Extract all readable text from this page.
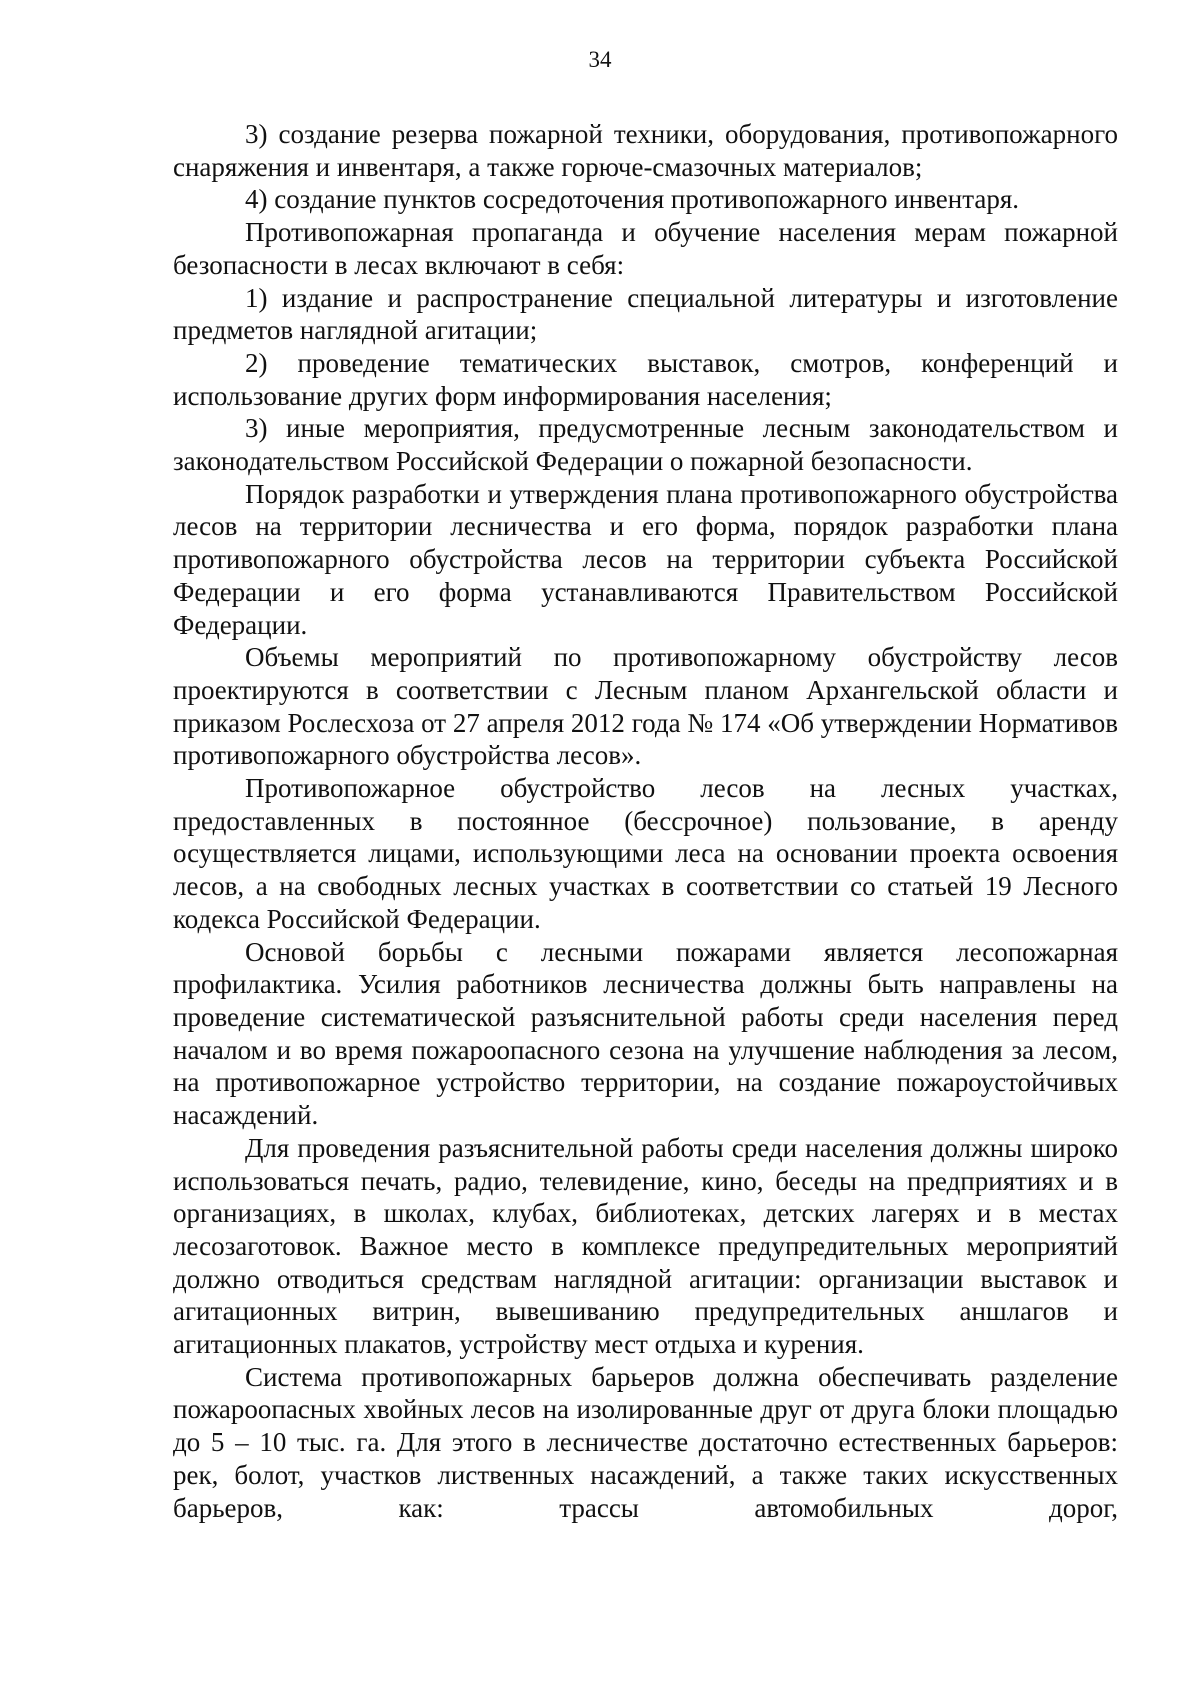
34

3) создание резерва пожарной техники, оборудования, противопожарного снаряжения и инвентаря, а также горюче-смазочных материалов;

4) создание пунктов сосредоточения противопожарного инвентаря.

Противопожарная пропаганда и обучение населения мерам пожарной безопасности в лесах включают в себя:

1) издание и распространение специальной литературы и изготовление предметов наглядной агитации;

2) проведение тематических выставок, смотров, конференций и использование других форм информирования населения;

3) иные мероприятия, предусмотренные лесным законодательством и законодательством Российской Федерации о пожарной безопасности.

Порядок разработки и утверждения плана противопожарного обустройства лесов на территории лесничества и его форма, порядок разработки плана противопожарного обустройства лесов на территории субъекта Российской Федерации и его форма устанавливаются Правительством Российской Федерации.

Объемы мероприятий по противопожарному обустройству лесов проектируются в соответствии с Лесным планом Архангельской области и приказом Рослесхоза от 27 апреля 2012 года № 174 «Об утверждении Нормативов противопожарного обустройства лесов».

Противопожарное обустройство лесов на лесных участках, предоставленных в постоянное (бессрочное) пользование, в аренду осуществляется лицами, использующими леса на основании проекта освоения лесов, а на свободных лесных участках в соответствии со статьей 19 Лесного кодекса Российской Федерации.

Основой борьбы с лесными пожарами является лесопожарная профилактика. Усилия работников лесничества должны быть направлены на проведение систематической разъяснительной работы среди населения перед началом и во время пожароопасного сезона на улучшение наблюдения за лесом, на противопожарное устройство территории, на создание пожароустойчивых насаждений.

Для проведения разъяснительной работы среди населения должны широко использоваться печать, радио, телевидение, кино, беседы на предприятиях и в организациях, в школах, клубах, библиотеках, детских лагерях и в местах лесозаготовок. Важное место в комплексе предупредительных мероприятий должно отводиться средствам наглядной агитации: организации выставок и агитационных витрин, вывешиванию предупредительных аншлагов и агитационных плакатов, устройству мест отдыха и курения.

Система противопожарных барьеров должна обеспечивать разделение пожароопасных хвойных лесов на изолированные друг от друга блоки площадью до 5 – 10 тыс. га. Для этого в лесничестве достаточно естественных барьеров: рек, болот, участков лиственных насаждений, а также таких искусственных барьеров, как: трассы автомобильных дорог,
